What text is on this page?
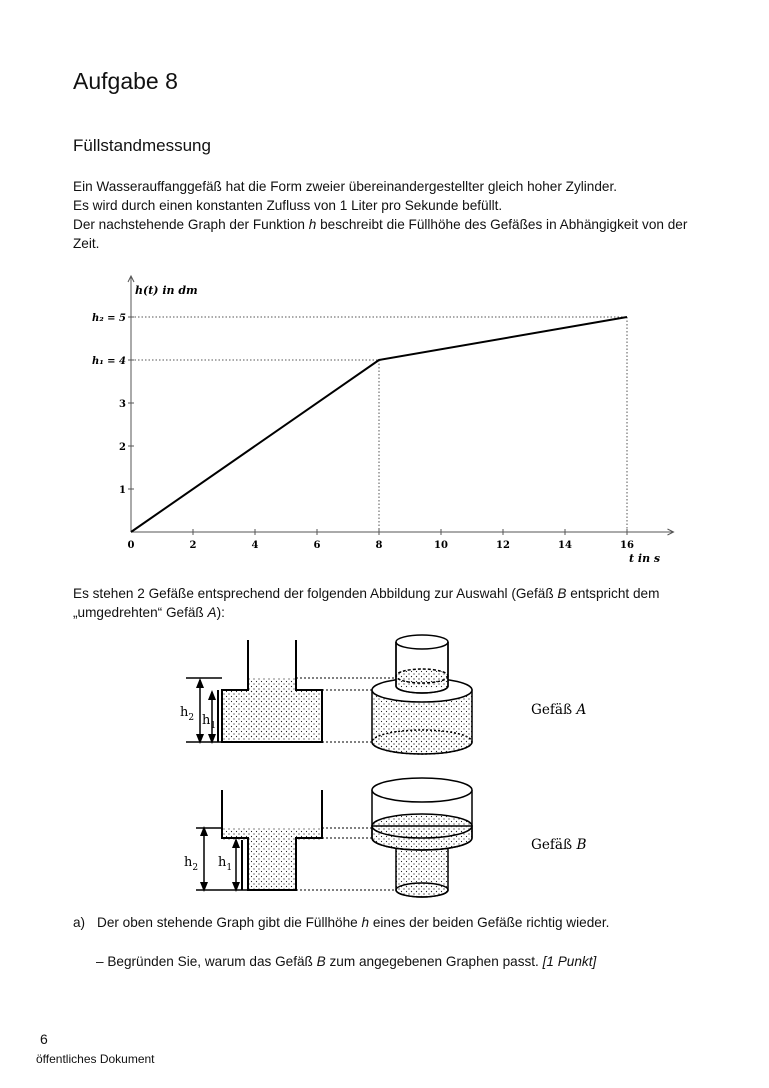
Aufgabe 8
Füllstandmessung

Ein Wasserauffanggefäß hat die Form zweier übereinandergestellter gleich hoher Zylinder.

Es wird durch einen konstanten Zufluss von 1 Liter pro Sekunde befüllt.

Der nachstehende Graph der Funktion h beschreibt die Füllhöhe des Gefäßes in Abhängigkeit von der Zeit.

0	2	4	6	8	10	12	14	16
1
2
3
h₁ = 4
h₂ = 5
h(t) in dm
t in s
Es stehen 2 Gefäße entsprechend der folgenden Abbildung zur Auswahl (Gefäß B entspricht dem „umgedrehten“ Gefäß A):
$h_2$ $h_1$
Gefäß A
$h_2$ $h_1$
Gefäß B
a) Der oben stehende Graph gibt die Füllhöhe h eines der beiden Gefäße richtig wieder.
– Begründen Sie, warum das Gefäß B zum angegebenen Graphen passt. [1 Punkt]
6
öffentliches Dokument
